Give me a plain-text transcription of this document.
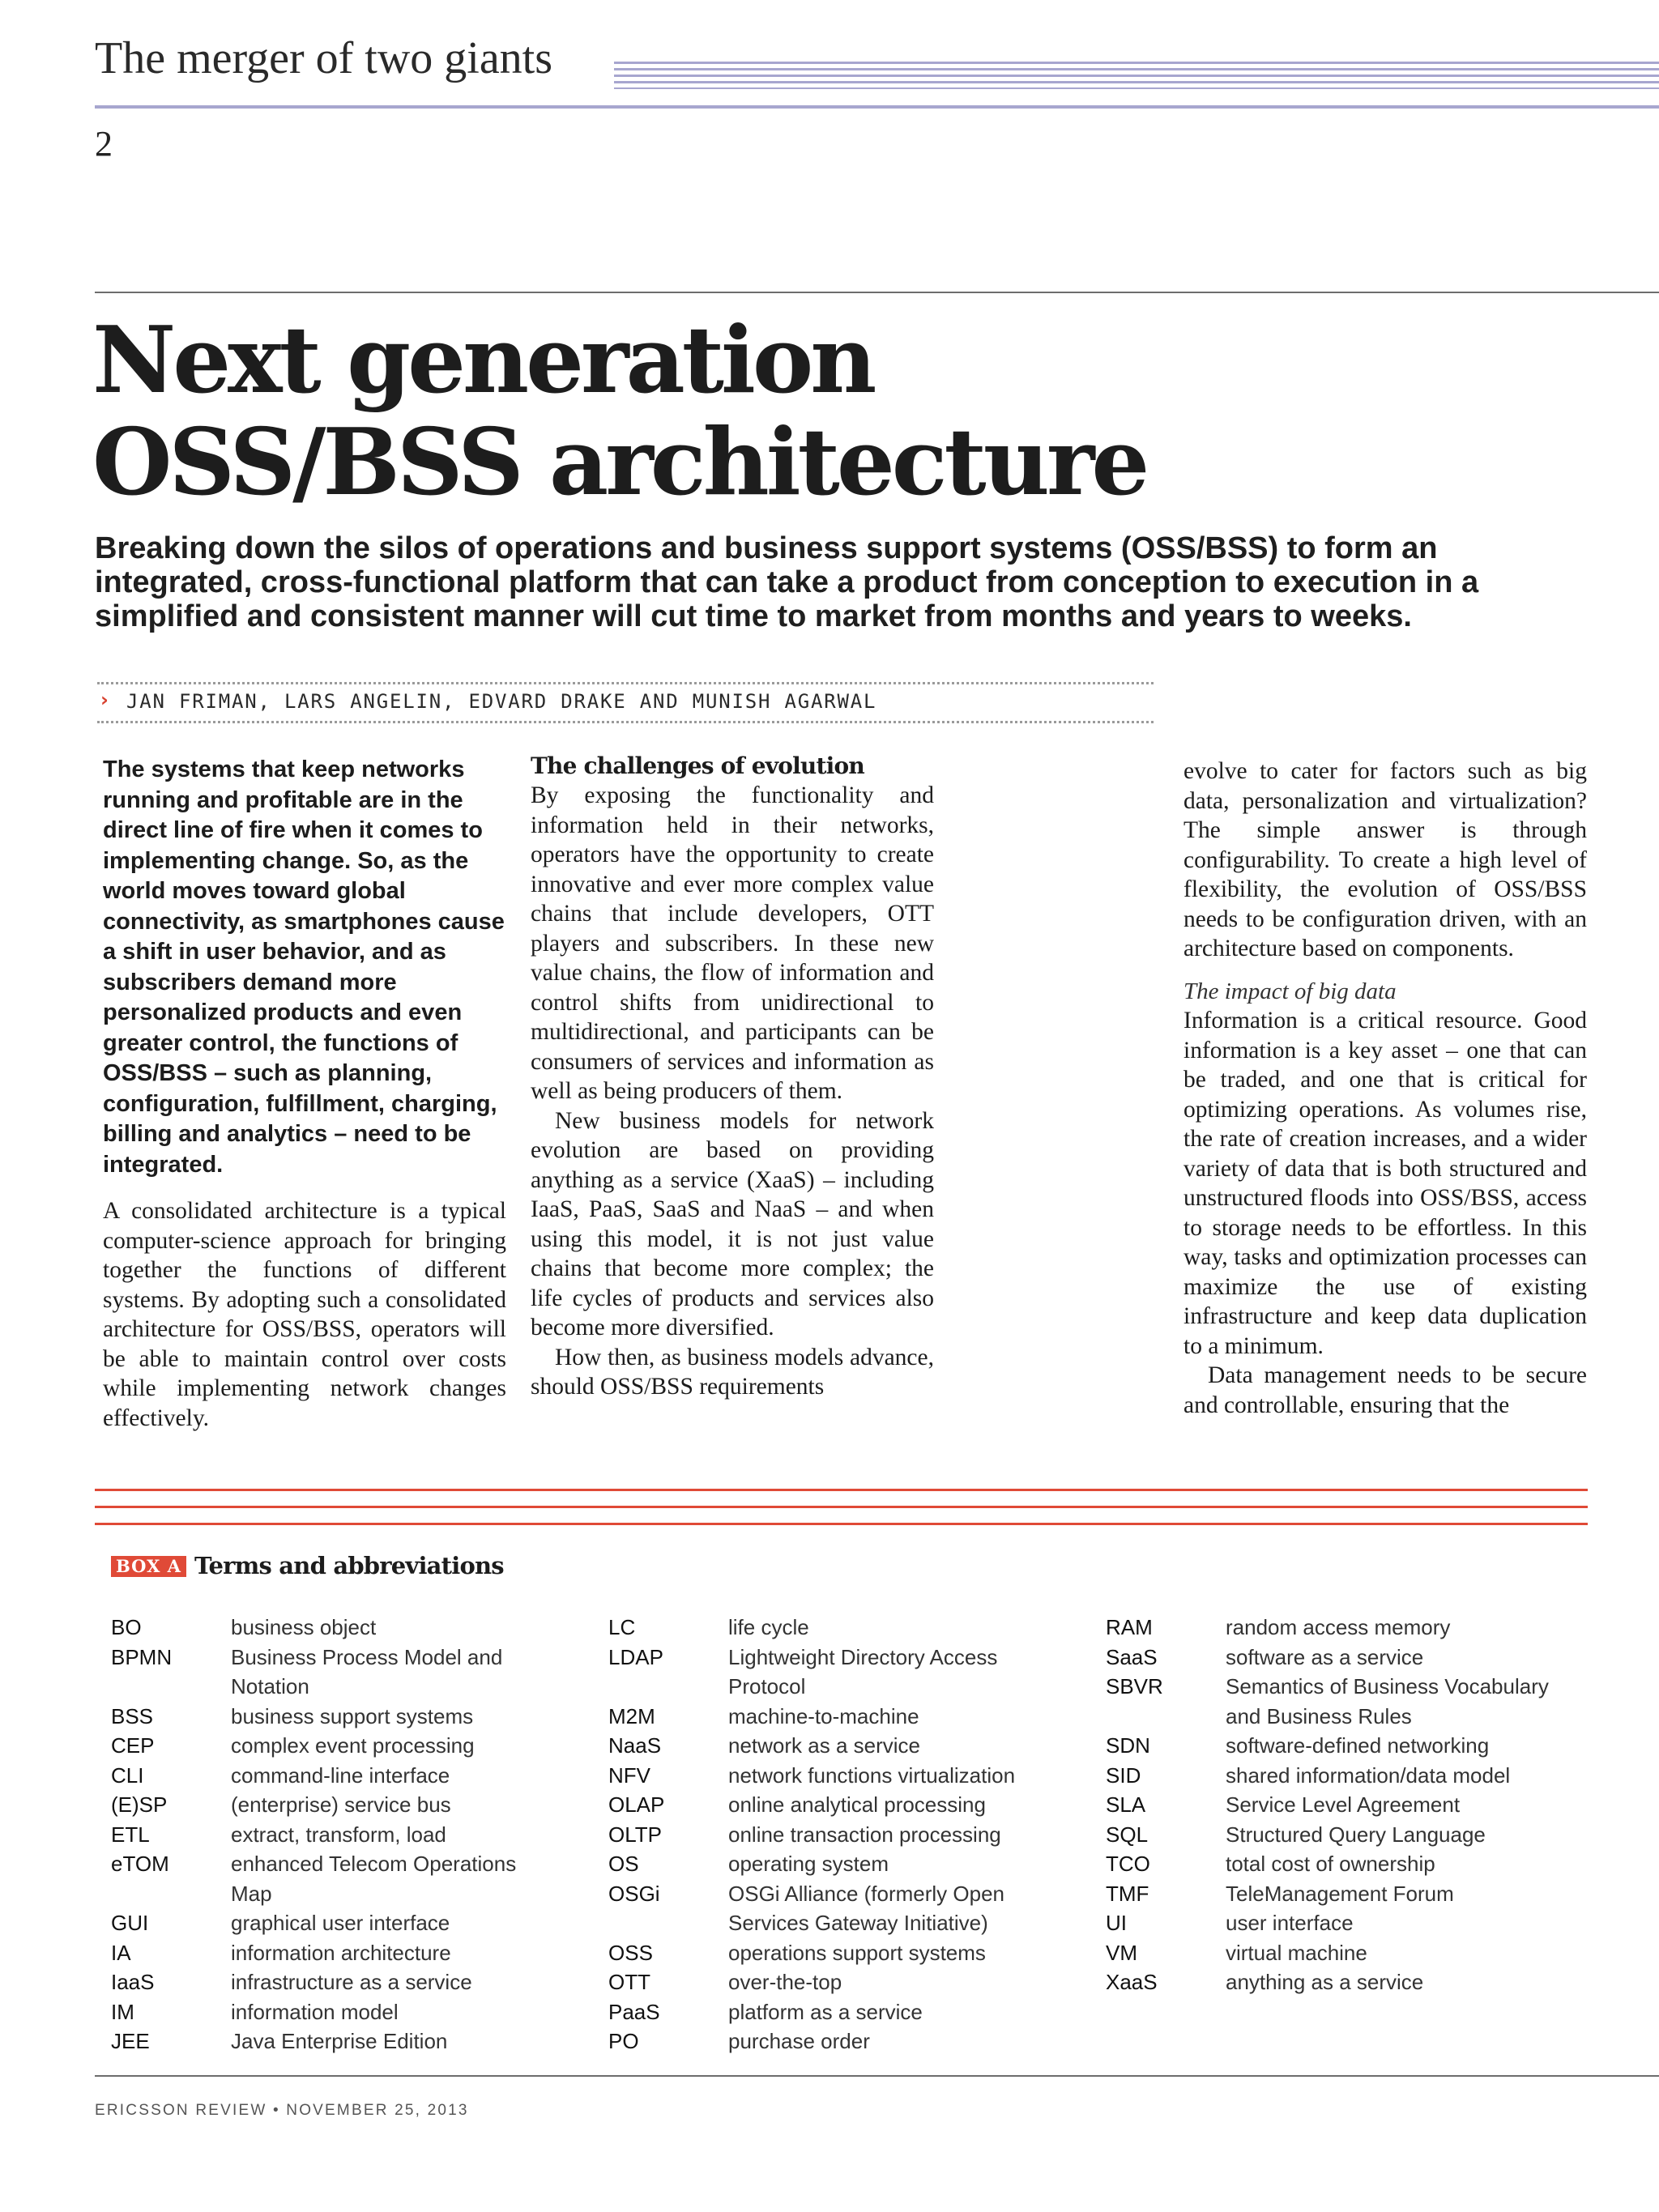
The merger of two giants
2
Next generation
OSS/BSS architecture

Breaking down the silos of operations and business support systems (OSS/BSS) to form an integrated, cross-functional platform that can take a product from conception to execution in a simplified and consistent manner will cut time to market from months and years to weeks.

› JAN FRIMAN, LARS ANGELIN, EDVARD DRAKE AND MUNISH AGARWAL

The systems that keep networks running and profitable are in the direct line of fire when it comes to implementing change. So, as the world moves toward global connectivity, as smartphones cause a shift in user behavior, and as subscribers demand more personalized products and even greater control, the functions of OSS/BSS – such as planning, configuration, fulfillment, charging, billing and analytics – need to be integrated.

A consolidated architecture is a typical computer-science approach for bringing together the functions of different systems. By adopting such a consolidated architecture for OSS/BSS, operators will be able to maintain control over costs while implementing network changes effectively.

The challenges of evolution

By exposing the functionality and information held in their networks, operators have the opportunity to create innovative and ever more complex value chains that include developers, OTT players and subscribers. In these new value chains, the flow of information and control shifts from unidirectional to multidirectional, and participants can be consumers of services and information as well as being producers of them.

New business models for network evolution are based on providing anything as a service (XaaS) – including IaaS, PaaS, SaaS and NaaS – and when using this model, it is not just value chains that become more complex; the life cycles of products and services also become more diversified.

How then, as business models advance, should OSS/BSS requirements

evolve to cater for factors such as big data, personalization and virtualization? The simple answer is through configurability. To create a high level of flexibility, the evolution of OSS/BSS needs to be configuration driven, with an architecture based on components.

The impact of big data

Information is a critical resource. Good information is a key asset – one that can be traded, and one that is critical for optimizing operations. As volumes rise, the rate of creation increases, and a wider variety of data that is both structured and unstructured floods into OSS/BSS, access to storage needs to be effortless. In this way, tasks and optimization processes can maximize the use of existing infrastructure and keep data duplication to a minimum.

Data management needs to be secure and controllable, ensuring that the

BOX A Terms and abbreviations
BO	business object
BPMN	Business Process Model and Notation
BSS	business support systems
CEP	complex event processing
CLI	command-line interface
(E)SP	(enterprise) service bus
ETL	extract, transform, load
eTOM	enhanced Telecom Operations Map
GUI	graphical user interface
IA	information architecture
IaaS	infrastructure as a service
IM	information model
JEE	Java Enterprise Edition
LC	life cycle
LDAP	Lightweight Directory Access Protocol
M2M	machine-to-machine
NaaS	network as a service
NFV	network functions virtualization
OLAP	online analytical processing
OLTP	online transaction processing
OS	operating system
OSGi	OSGi Alliance (formerly Open Services Gateway Initiative)
OSS	operations support systems
OTT	over-the-top
PaaS	platform as a service
PO	purchase order
RAM	random access memory
SaaS	software as a service
SBVR	Semantics of Business Vocabulary and Business Rules
SDN	software-defined networking
SID	shared information/data model
SLA	Service Level Agreement
SQL	Structured Query Language
TCO	total cost of ownership
TMF	TeleManagement Forum
UI	user interface
VM	virtual machine
XaaS	anything as a service
ERICSSON REVIEW • NOVEMBER 25, 2013
